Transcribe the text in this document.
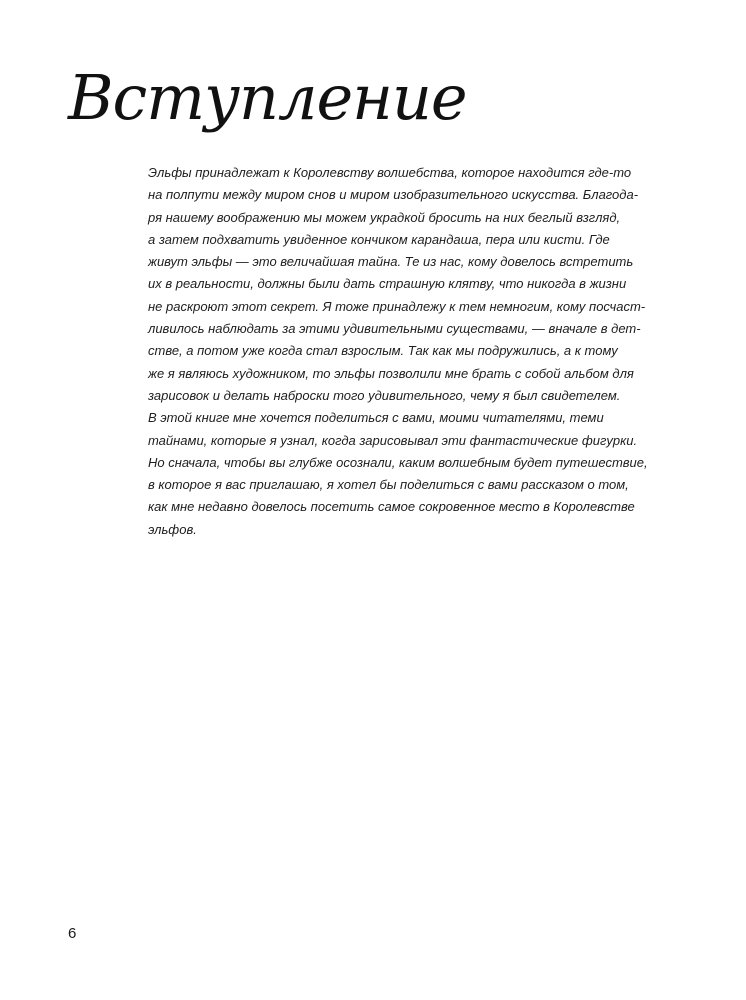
Вступление
Эльфы принадлежат к Королевству волшебства, которое находится где-то
на полпути между миром снов и миром изобразительного искусства. Благода-
ря нашему воображению мы можем украдкой бросить на них беглый взгляд,
а затем подхватить увиденное кончиком карандаша, пера или кисти. Где
живут эльфы — это величайшая тайна. Те из нас, кому довелось встретить
их в реальности, должны были дать страшную клятву, что никогда в жизни
не раскроют этот секрет. Я тоже принадлежу к тем немногим, кому посчаст-
ливилось наблюдать за этими удивительными существами, — вначале в дет-
стве, а потом уже когда стал взрослым. Так как мы подружились, а к тому
же я являюсь художником, то эльфы позволили мне брать с собой альбом для
зарисовок и делать наброски того удивительного, чему я был свидетелем.
В этой книге мне хочется поделиться с вами, моими читателями, теми
тайнами, которые я узнал, когда зарисовывал эти фантастические фигурки.
Но сначала, чтобы вы глубже осознали, каким волшебным будет путешествие,
в которое я вас приглашаю, я хотел бы поделиться с вами рассказом о том,
как мне недавно довелось посетить самое сокровенное место в Королевстве
эльфов.
6
